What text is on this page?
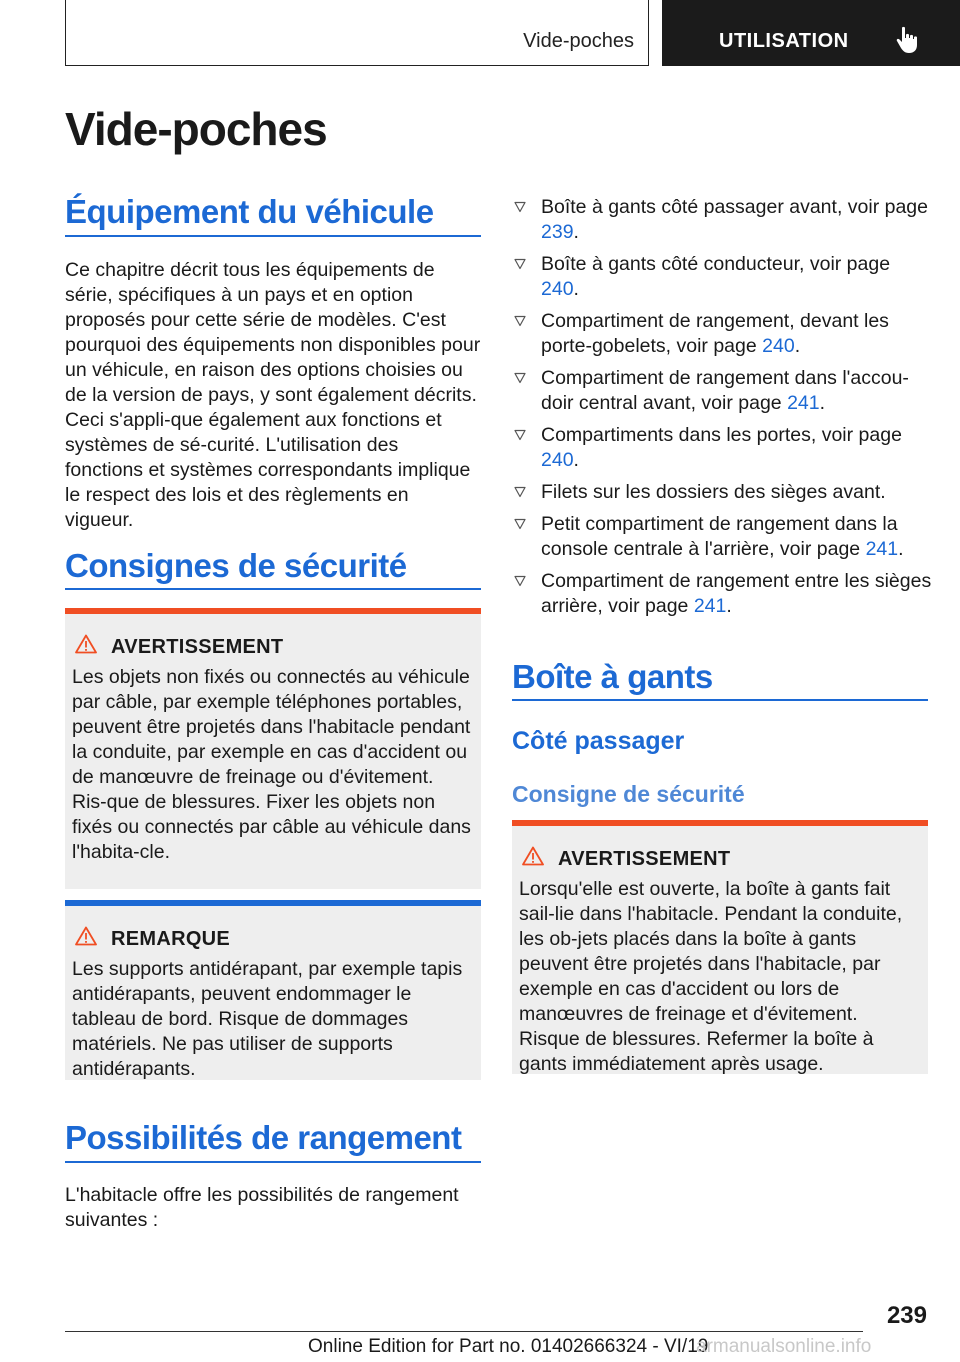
Vide-poches	UTILISATION
Vide-poches
Équipement du véhicule
Ce chapitre décrit tous les équipements de série, spécifiques à un pays et en option proposés pour cette série de modèles. C'est pourquoi des équipements non disponibles pour un véhicule, en raison des options choisies ou de la version de pays, y sont également décrits. Ceci s'appli-que également aux fonctions et systèmes de sé-curité. L'utilisation des fonctions et systèmes correspondants implique le respect des lois et des règlements en vigueur.
Consignes de sécurité
AVERTISSEMENT
Les objets non fixés ou connectés au véhicule par câble, par exemple téléphones portables, peuvent être projetés dans l'habitacle pendant la conduite, par exemple en cas d'accident ou de manœuvre de freinage ou d'évitement. Ris-que de blessures. Fixer les objets non fixés ou connectés par câble au véhicule dans l'habita-cle.
REMARQUE
Les supports antidérapant, par exemple tapis antidérapants, peuvent endommager le tableau de bord. Risque de dommages matériels. Ne pas utiliser de supports antidérapants.
Possibilités de rangement
L'habitacle offre les possibilités de rangement suivantes :
Boîte à gants côté passager avant, voir page 239.
Boîte à gants côté conducteur, voir page 240.
Compartiment de rangement, devant les porte-gobelets, voir page 240.
Compartiment de rangement dans l'accou-doir central avant, voir page 241.
Compartiments dans les portes, voir page 240.
Filets sur les dossiers des sièges avant.
Petit compartiment de rangement dans la console centrale à l'arrière, voir page 241.
Compartiment de rangement entre les sièges arrière, voir page 241.
Boîte à gants
Côté passager
Consigne de sécurité
AVERTISSEMENT
Lorsqu'elle est ouverte, la boîte à gants fait sail-lie dans l'habitacle. Pendant la conduite, les ob-jets placés dans la boîte à gants peuvent être projetés dans l'habitacle, par exemple en cas d'accident ou lors de manœuvres de freinage et d'évitement. Risque de blessures. Refermer la boîte à gants immédiatement après usage.
239
Online Edition for Part no. 01402666324 - VI/19
armanualsonline.info
